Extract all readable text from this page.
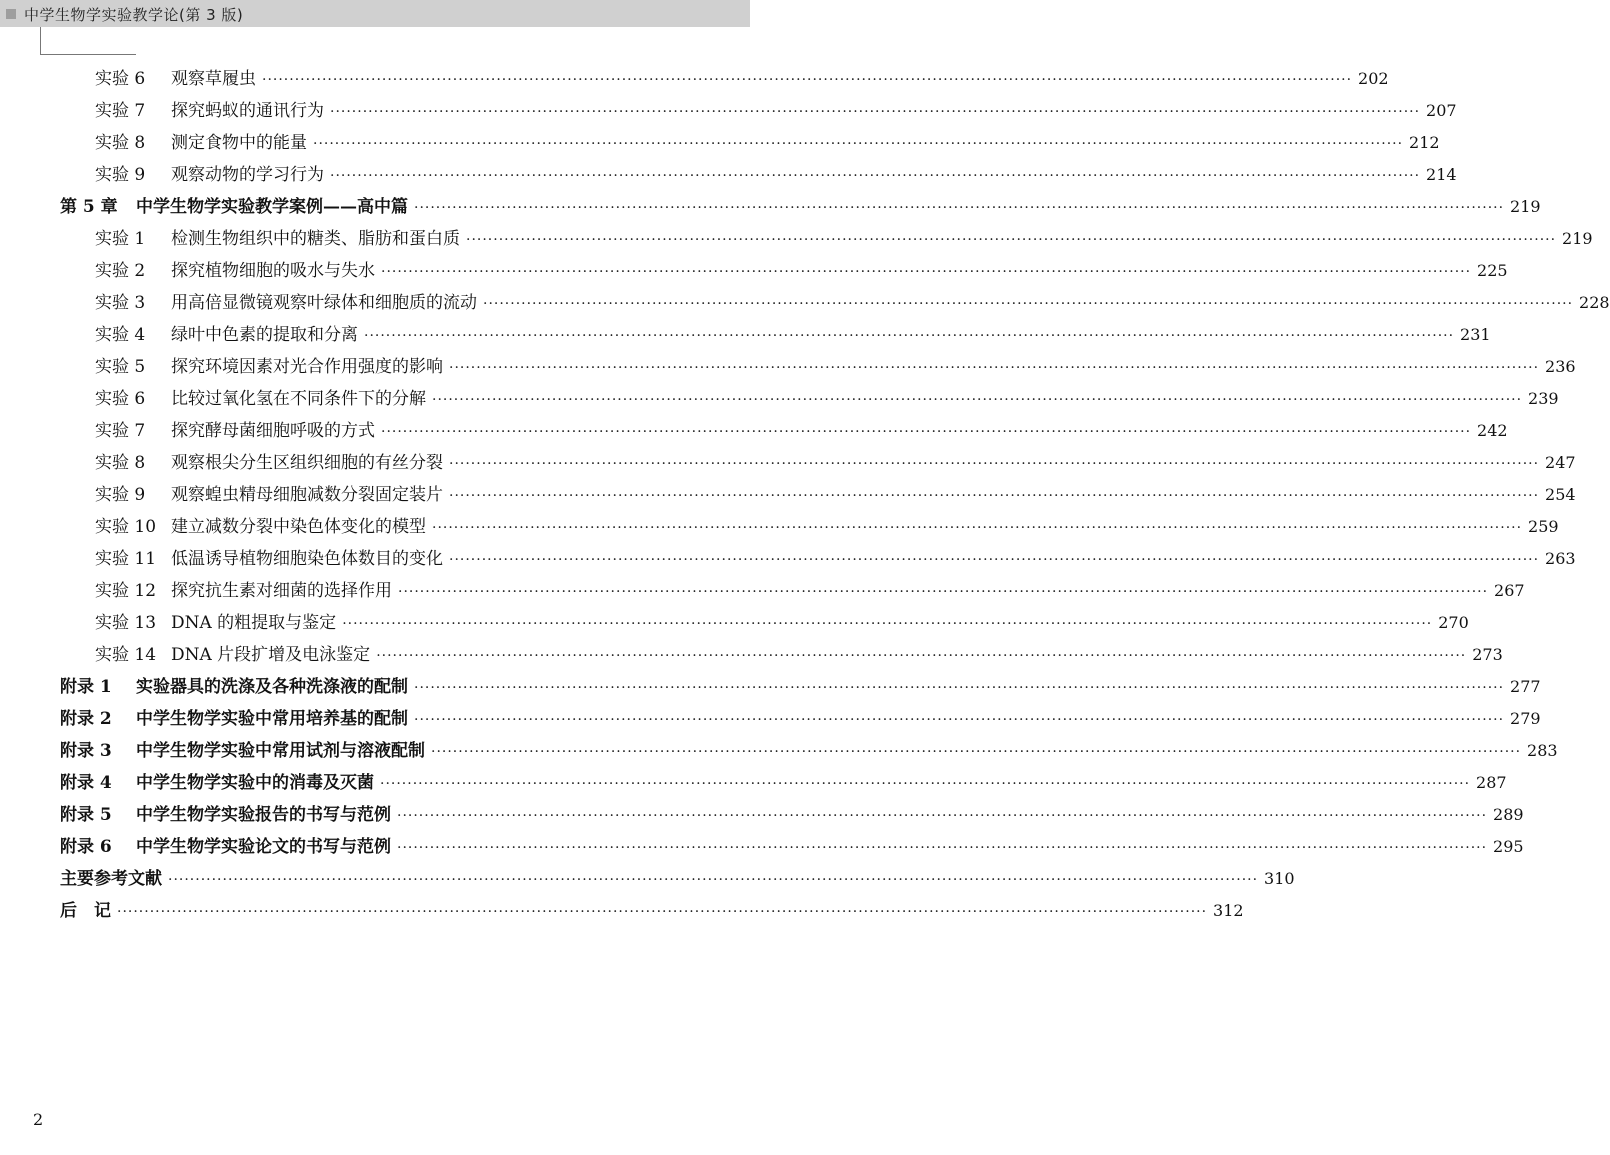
中学生物学实验教学论(第 3 版)
实验 6	观察草履虫 ········································································································································································································ 202
实验 7	探究蚂蚁的通讯行为 ········································································································································································································ 207
实验 8	测定食物中的能量 ········································································································································································································ 212
实验 9	观察动物的学习行为 ········································································································································································································ 214
第 5 章	中学生物学实验教学案例——高中篇 ········································································································································································································ 219
实验 1	检测生物组织中的糖类、脂肪和蛋白质 ········································································································································································································ 219
实验 2	探究植物细胞的吸水与失水 ········································································································································································································ 225
实验 3	用高倍显微镜观察叶绿体和细胞质的流动 ········································································································································································································ 228
实验 4	绿叶中色素的提取和分离 ········································································································································································································ 231
实验 5	探究环境因素对光合作用强度的影响 ········································································································································································································ 236
实验 6	比较过氧化氢在不同条件下的分解 ········································································································································································································ 239
实验 7	探究酵母菌细胞呼吸的方式 ········································································································································································································ 242
实验 8	观察根尖分生区组织细胞的有丝分裂 ········································································································································································································ 247
实验 9	观察蝗虫精母细胞减数分裂固定装片 ········································································································································································································ 254
实验 10 建立减数分裂中染色体变化的模型 ········································································································································································································ 259
实验 11 低温诱导植物细胞染色体数目的变化 ········································································································································································································ 263
实验 12 探究抗生素对细菌的选择作用 ········································································································································································································ 267
实验 13 DNA 的粗提取与鉴定 ········································································································································································································ 270
实验 14 DNA 片段扩增及电泳鉴定 ········································································································································································································ 273
附录 1	实验器具的洗涤及各种洗涤液的配制 ········································································································································································································ 277
附录 2	中学生物学实验中常用培养基的配制 ········································································································································································································ 279
附录 3	中学生物学实验中常用试剂与溶液配制 ········································································································································································································ 283
附录 4	中学生物学实验中的消毒及灭菌 ········································································································································································································ 287
附录 5	中学生物学实验报告的书写与范例 ········································································································································································································ 289
附录 6	中学生物学实验论文的书写与范例 ········································································································································································································ 295
主要参考文献 ········································································································································································································ 310
后　记 ········································································································································································································ 312
2
